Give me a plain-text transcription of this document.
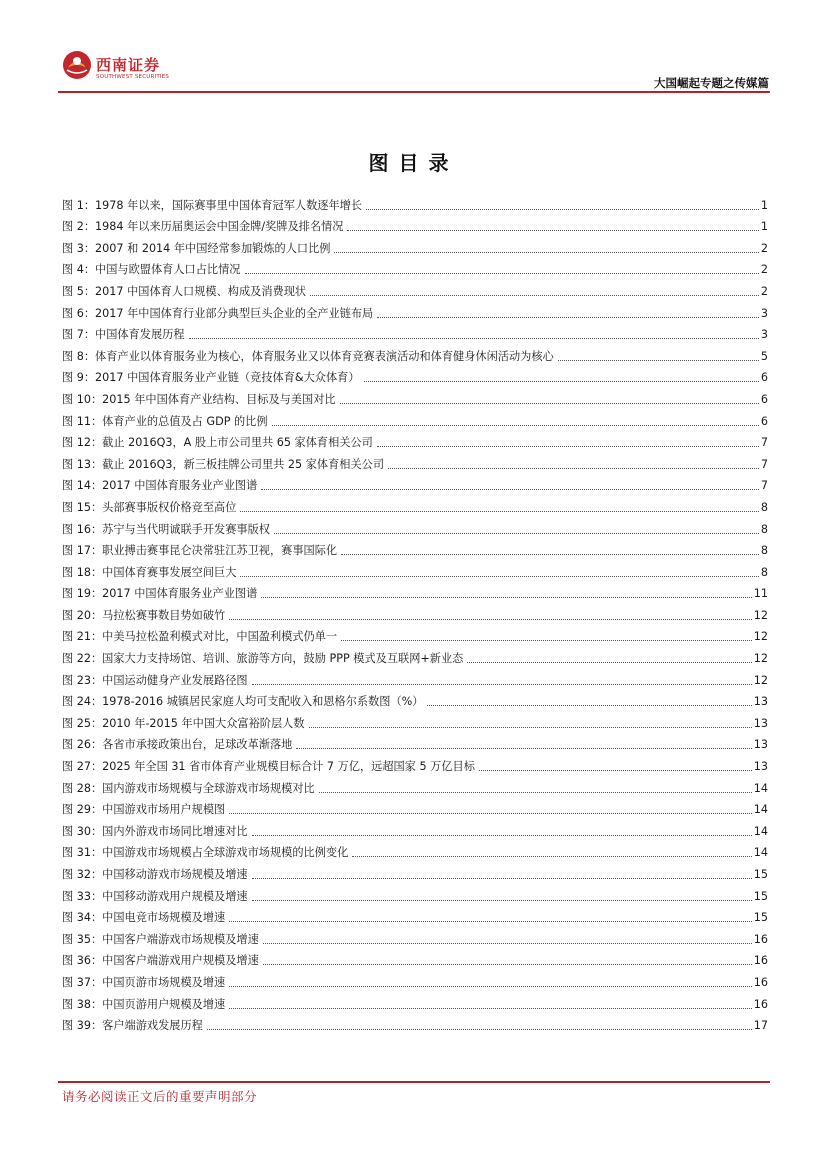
西南证券
SOUTHWEST SECURITIES	大国崛起专题之传媒篇
图目录
图 1：1978 年以来，国际赛事里中国体育冠军人数逐年增长	1
图 2：1984 年以来历届奥运会中国金牌/奖牌及排名情况	1
图 3：2007 和 2014 年中国经常参加锻炼的人口比例	2
图 4：中国与欧盟体育人口占比情况	2
图 5：2017 中国体育人口规模、构成及消费现状	2
图 6：2017 年中国体育行业部分典型巨头企业的全产业链布局	3
图 7：中国体育发展历程	3
图 8：体育产业以体育服务业为核心，体育服务业又以体育竞赛表演活动和体育健身休闲活动为核心	5
图 9：2017 中国体育服务业产业链（竞技体育&大众体育）	6
图 10：2015 年中国体育产业结构、目标及与美国对比	6
图 11：体育产业的总值及占 GDP 的比例	6
图 12：截止 2016Q3，A 股上市公司里共 65 家体育相关公司	7
图 13：截止 2016Q3，新三板挂牌公司里共 25 家体育相关公司	7
图 14：2017 中国体育服务业产业图谱	7
图 15：头部赛事版权价格竞至高位	8
图 16：苏宁与当代明诚联手开发赛事版权	8
图 17：职业搏击赛事昆仑决常驻江苏卫视，赛事国际化	8
图 18：中国体育赛事发展空间巨大	8
图 19：2017 中国体育服务业产业图谱	11
图 20：马拉松赛事数目势如破竹	12
图 21：中美马拉松盈利模式对比，中国盈利模式仍单一	12
图 22：国家大力支持场馆、培训、旅游等方向，鼓励 PPP 模式及互联网+新业态	12
图 23：中国运动健身产业发展路径图	12
图 24：1978-2016 城镇居民家庭人均可支配收入和恩格尔系数图（%）	13
图 25：2010 年-2015 年中国大众富裕阶层人数	13
图 26：各省市承接政策出台，足球改革渐落地	13
图 27：2025 年全国 31 省市体育产业规模目标合计 7 万亿，远超国家 5 万亿目标	13
图 28：国内游戏市场规模与全球游戏市场规模对比	14
图 29：中国游戏市场用户规模图	14
图 30：国内外游戏市场同比增速对比	14
图 31：中国游戏市场规模占全球游戏市场规模的比例变化	14
图 32：中国移动游戏市场规模及增速	15
图 33：中国移动游戏用户规模及增速	15
图 34：中国电竞市场规模及增速	15
图 35：中国客户端游戏市场规模及增速	16
图 36：中国客户端游戏用户规模及增速	16
图 37：中国页游市场规模及增速	16
图 38：中国页游用户规模及增速	16
图 39：客户端游戏发展历程	17
请务必阅读正文后的重要声明部分
